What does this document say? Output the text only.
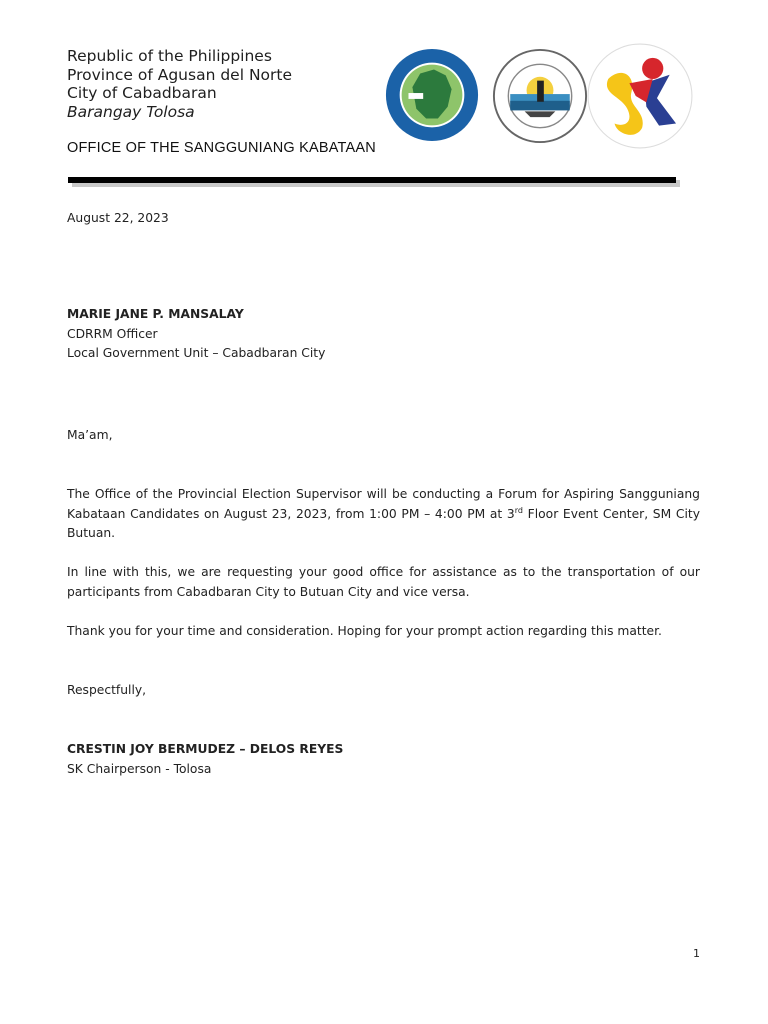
Republic of the Philippines
Province of Agusan del Norte
City of Cabadbaran
Barangay Tolosa
OFFICE OF THE SANGGUNIANG KABATAAN
August 22, 2023
MARIE JANE P. MANSALAY
CDRRM Officer
Local Government Unit – Cabadbaran City
Ma’am,
The Office of the Provincial Election Supervisor will be conducting a Forum for Aspiring Sangguniang Kabataan Candidates on August 23, 2023, from 1:00 PM – 4:00 PM at 3rd Floor Event Center, SM City Butuan.
In line with this, we are requesting your good office for assistance as to the transportation of our participants from Cabadbaran City to Butuan City and vice versa.
Thank you for your time and consideration. Hoping for your prompt action regarding this matter.
Respectfully,
CRESTIN JOY BERMUDEZ – DELOS REYES
SK Chairperson - Tolosa
1
